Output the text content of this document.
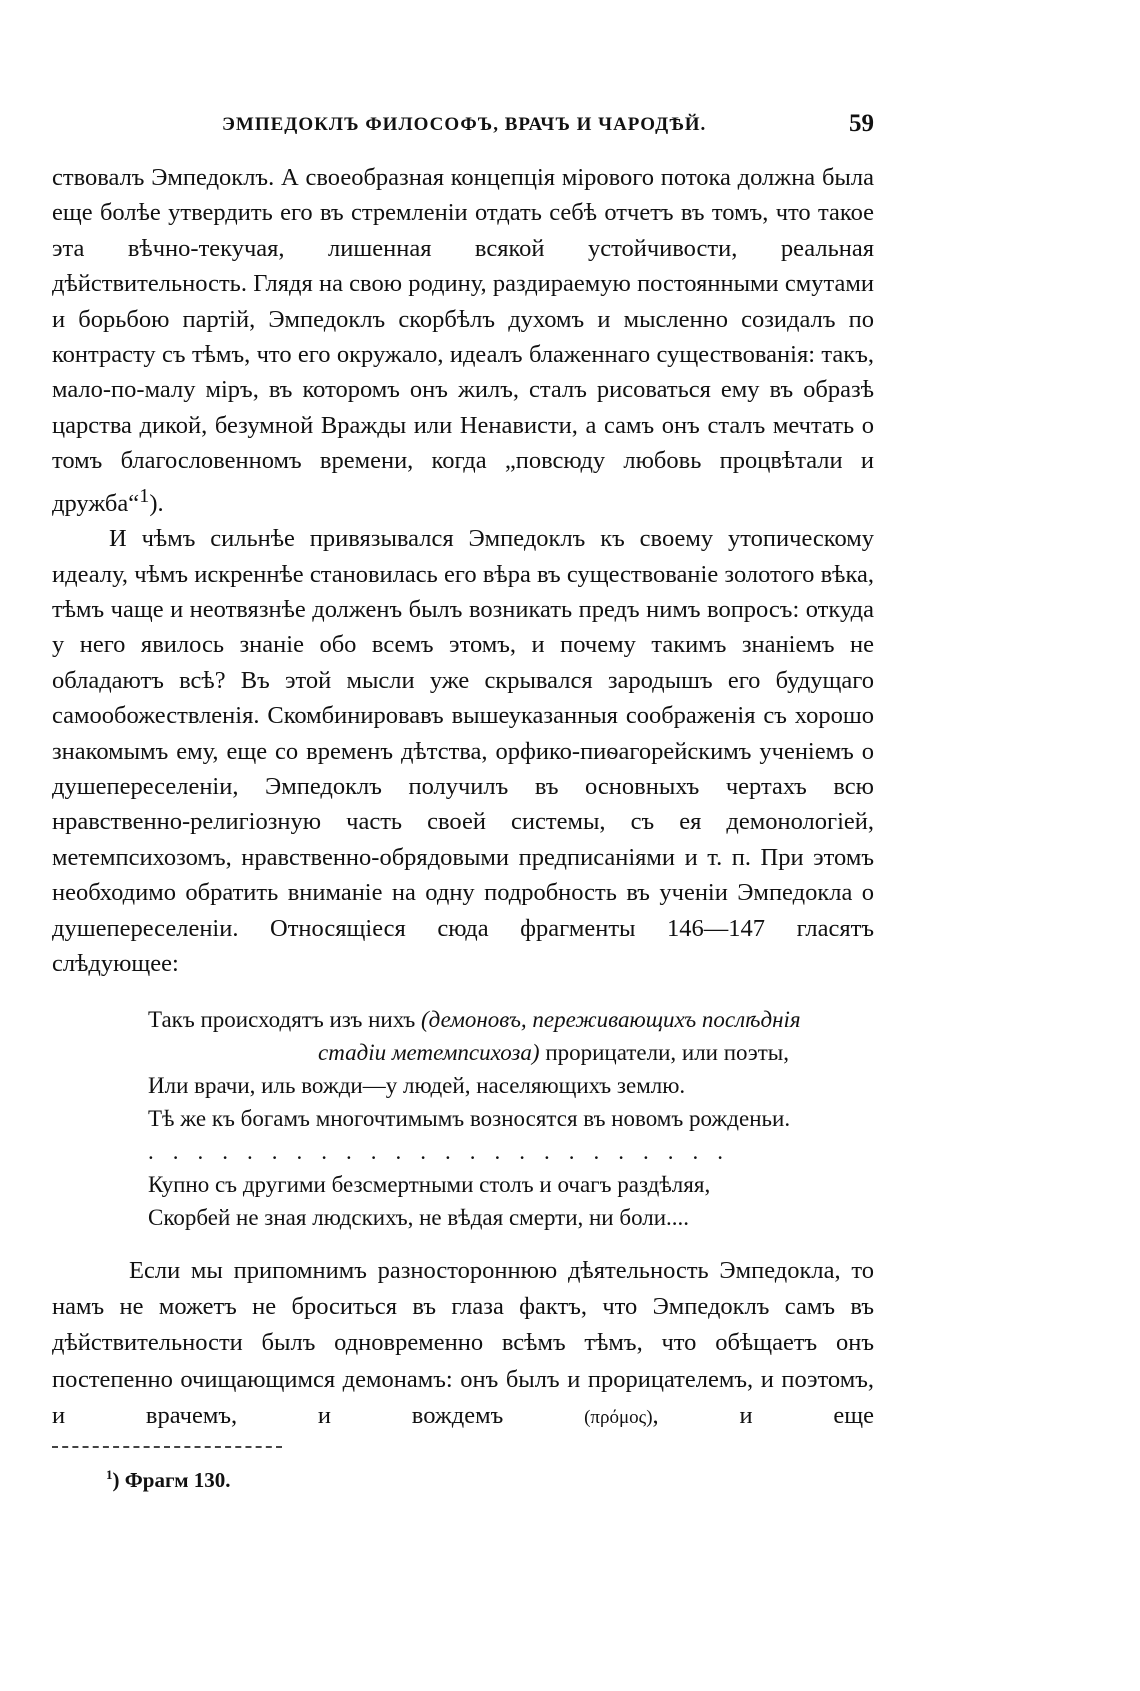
ЭМПЕДОКЛЪ ФИЛОСОФЪ, ВРАЧЪ И ЧАРОДѢЙ.	59

ствовалъ Эмпедоклъ. А своеобразная концепція мірового потока должна была еще болѣе утвердить его въ стремленіи отдать себѣ отчетъ въ томъ, что такое эта вѣчно-текучая, лишенная всякой устойчивости, реальная дѣйствительность. Глядя на свою родину, раздираемую постоянными смутами и борьбою партій, Эмпедоклъ скорбѣлъ духомъ и мысленно созидалъ по контрасту съ тѣмъ, что его окружало, идеалъ блаженнаго существованія: такъ, мало-по-малу міръ, въ которомъ онъ жилъ, сталъ рисоваться ему въ образѣ царства дикой, безумной Вражды или Ненависти, а самъ онъ сталъ мечтать о томъ благословенномъ времени, когда „повсюду любовь процвѣтали и дружба“$^1$).

И чѣмъ сильнѣе привязывался Эмпедоклъ къ своему утопическому идеалу, чѣмъ искреннѣе становилась его вѣра въ существованіе золотого вѣка, тѣмъ чаще и неотвязнѣе долженъ былъ возникать предъ нимъ вопросъ: откуда у него явилось знаніе обо всемъ этомъ, и почему такимъ знаніемъ не обладаютъ всѣ? Въ этой мысли уже скрывался зародышъ его будущаго самообожествленія. Скомбинировавъ вышеуказанныя соображенія съ хорошо знакомымъ ему, еще со временъ дѣтства, орфико-пиѳагорейскимъ ученіемъ о душепереселеніи, Эмпедоклъ получилъ въ основныхъ чертахъ всю нравственно-религіозную часть своей системы, съ ея демонологіей, метемпсихозомъ, нравственно-обрядовыми предписаніями и т. п. При этомъ необходимо обратить вниманіе на одну подробность въ ученіи Эмпедокла о душепереселеніи. Относящіеся сюда фрагменты 146—147 гласятъ слѣдующее:

Такъ происходятъ изъ нихъ (демоновъ, переживающихъ послѣднія
стадіи метемпсихоза) прорицатели, или поэты,
Или врачи, иль вожди—у людей, населяющихъ землю.
Тѣ же къ богамъ многочтимымъ возносятся въ новомъ рожденьи.
........................
Купно съ другими безсмертными столъ и очагъ раздѣляя,
Скорбей не зная людскихъ, не вѣдая смерти, ни боли....

Если мы припомнимъ разностороннюю дѣятельность Эмпедокла, то намъ не можетъ не броситься въ глаза фактъ, что Эмпедоклъ самъ въ дѣйствительности былъ одновременно всѣмъ тѣмъ, что обѣщаетъ онъ постепенно очищающимся демонамъ: онъ былъ и прорицателемъ, и поэтомъ, и врачемъ, и вождемъ	(πρόμος), и еще

$^1$) Фрагм 130.
